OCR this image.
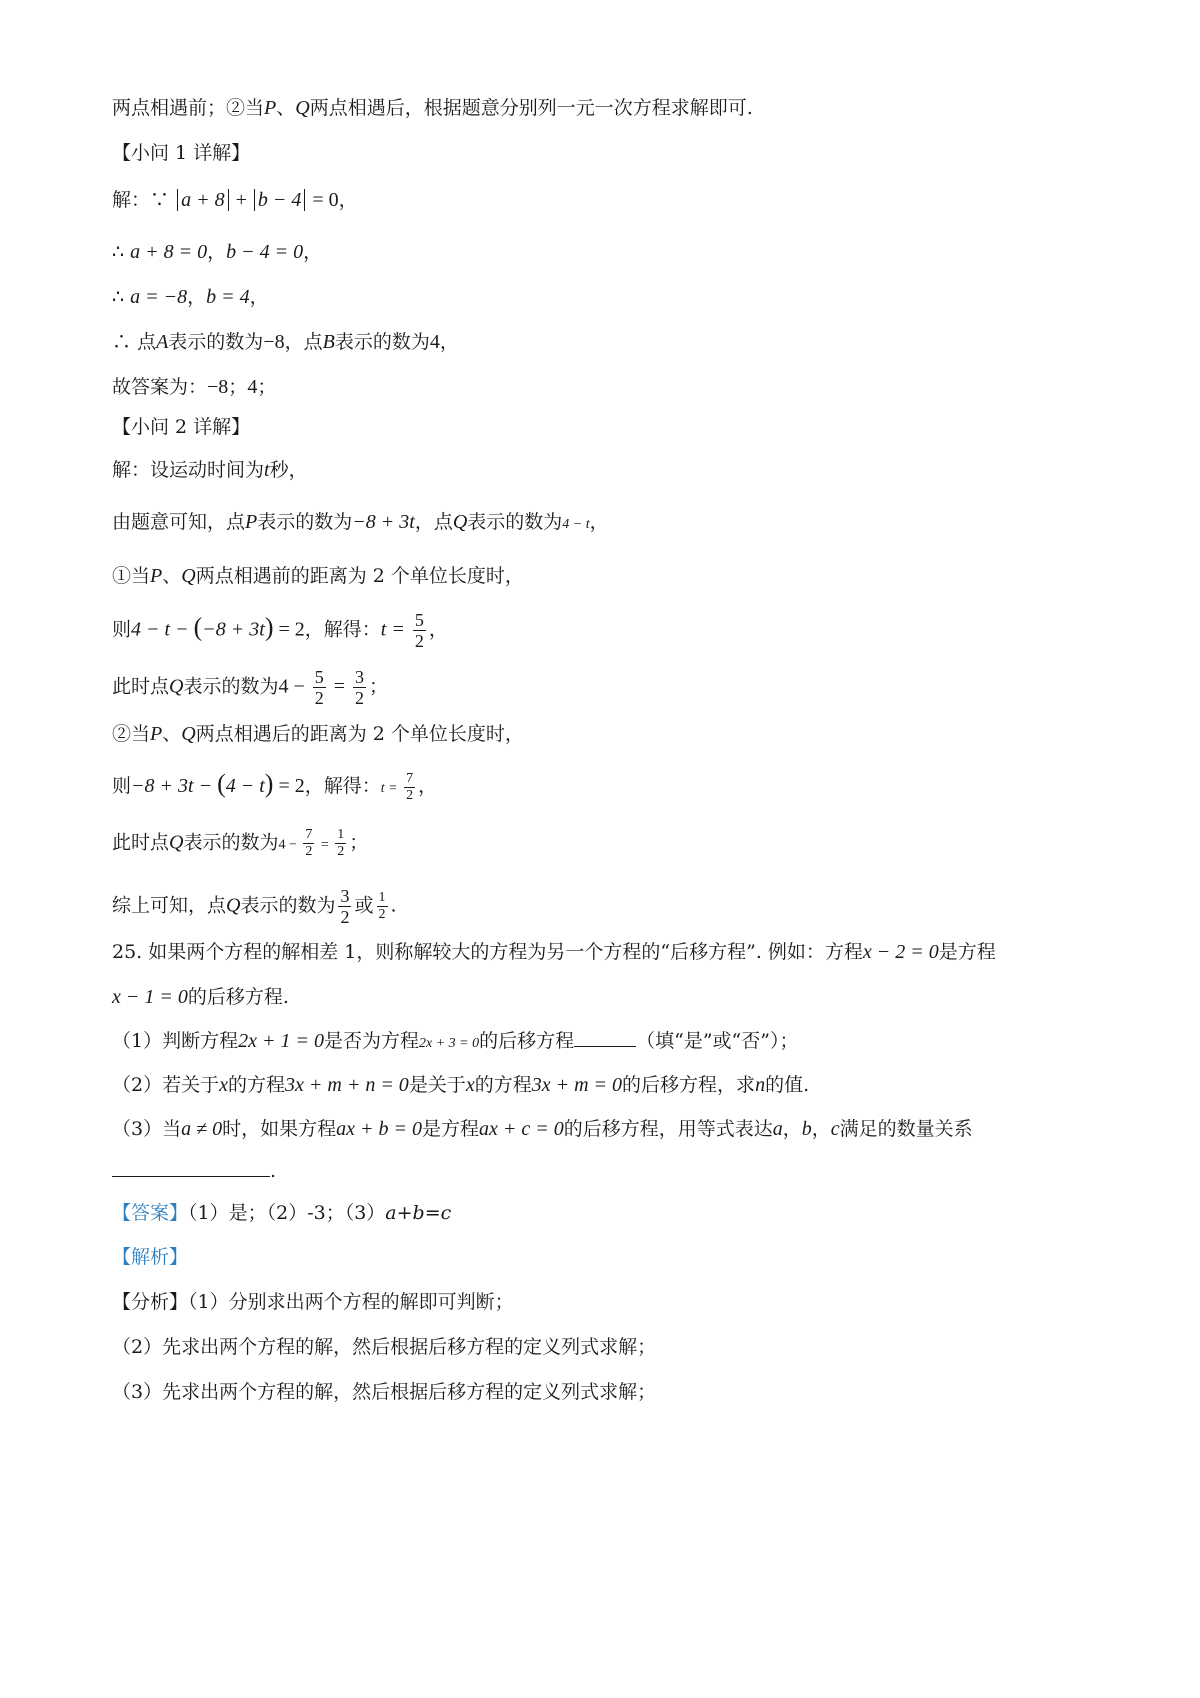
两点相遇前；②当P、Q两点相遇后，根据题意分别列一元一次方程求解即可.
【小问 1 详解】
解：∵ a + 8 + b − 4 = 0，
∴ a + 8 = 0，b − 4 = 0，
∴ a = −8，b = 4，
∴ 点A表示的数为−8，点B表示的数为4，
故答案为：−8；4；
【小问 2 详解】
解：设运动时间为t秒，
由题意可知，点P表示的数为−8 + 3t，点Q表示的数为4 − t，
①当P、Q两点相遇前的距离为 2 个单位长度时，
则4 − t − (−8 + 3t) = 2，解得：$t = \frac{5}{2}$ ，
此时点Q表示的数为$4 - \frac{5}{2} = \frac{3}{2}$ ；
②当P、Q两点相遇后的距离为 2 个单位长度时，
则−8 + 3t − (4 − t) = 2，解得：$t = \frac{7}{2}$ ，
此时点Q表示的数为$4 - \frac{7}{2} = \frac{1}{2}$ ；
综上可知，点Q表示的数为 $\frac{3}{2}$ 或 $\frac{1}{2}$ .
25. 如果两个方程的解相差 1，则称解较大的方程为另一个方程的“后移方程”. 例如：方程x − 2 = 0是方程
x − 1 = 0的后移方程.
（1）判断方程2x + 1 = 0是否为方程2x + 3 = 0的后移方程	（填“是”或“否”）；
（2）若关于x的方程3x + m + n = 0是关于x的方程3x + m = 0的后移方程，求n的值.
（3）当a ≠ 0时，如果方程ax + b = 0是方程ax + c = 0的后移方程，用等式表达a，b，c满足的数量关系
.
【答案】（1）是；（2）-3；（3）a+b=c
【解析】
【分析】（1）分别求出两个方程的解即可判断；
（2）先求出两个方程的解，然后根据后移方程的定义列式求解；
（3）先求出两个方程的解，然后根据后移方程的定义列式求解；
